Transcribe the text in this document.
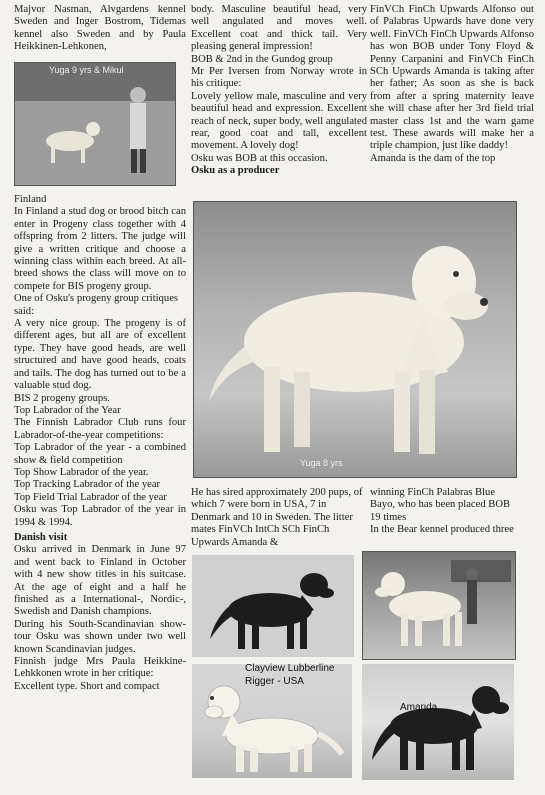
Majvor Nasman, Alvgardens kennel Sweden and Inger Bostrom, Tidemas kennel also Sweden and by Paula Heikkinen-Lehkonen,

Yuga 9 yrs & Mikul

Finland

In Finland a stud dog or brood bitch can enter in Progeny class together with 4 offspring from 2 litters. The judge will give a written critique and choose a winning class within each breed. At all-breed shows the class will move on to compete for BIS progeny group.

One of Osku's progeny group critiques said:

A very nice group. The progeny is of different ages, but all are of excellent type. They have good heads, are well structured and have good heads, coats and tails. The dog has turned out to be a valuable stud dog.

BIS 2 progeny groups.

Top Labrador of the Year

The Finnish Labrador Club runs four Labrador-of-the-year competitions:

Top Labrador of the year - a combined show & field competition

Top Show Labrador of the year.

Top Tracking Labrador of the year

Top Field Trial Labrador of the year

Osku was Top Labrador of the year in 1994 & 1994.

Danish visit

Osku arrived in Denmark in June 97 and went back to Finland in October with 4 new show titles in his suitcase. At the age of eight and a half he finished as a International-, Nordic-, Swedish and Danish champions.

During his South-Scandinavian show-tour Osku was shown under two well known Scandinavian judges.

Finnish judge Mrs Paula Heikkine-Lehkkonen wrote in her critique:

Excellent type. Short and compact

body. Masculine beautiful head, very well angulated and moves well. Excellent coat and thick tail. Very pleasing general impression!

BOB & 2nd in the Gundog group

Mr Per Iversen from Norway wrote in his critique:

Lovely yellow male, masculine and very beautiful head and expression. Excellent reach of neck, super body, well angulated rear, good coat and tall, excellent movement. A lovely dog!

Osku was BOB at this occasion.

Osku as a producer

FinVCh FinCh Upwards Alfonso out of Palabras Upwards have done very well. FinVCh FinCh Upwards Alfonso has won BOB under Tony Floyd & Penny Carpanini and FinVCh FinCh SCh Upwards Amanda is taking after her father; As soon as she is back from after a spring maternity leave she will chase after her 3rd field trial master class 1st and the warn game test. These awards will make her a triple champion, just like daddy!

Amanda is the dam of the top

Yuga 8 yrs

He has sired approximately 200 pups, of which 7 were born in USA, 7 in Denmark and 10 in Sweden. The litter mates FinVCh IntCh SCh FinCh Upwards Amanda &

winning FinCh Palabras Blue Bayo, who has been placed BOB 19 times

In the Bear kennel produced three

Clayview Lubberline Rigger - USA
Amanda
